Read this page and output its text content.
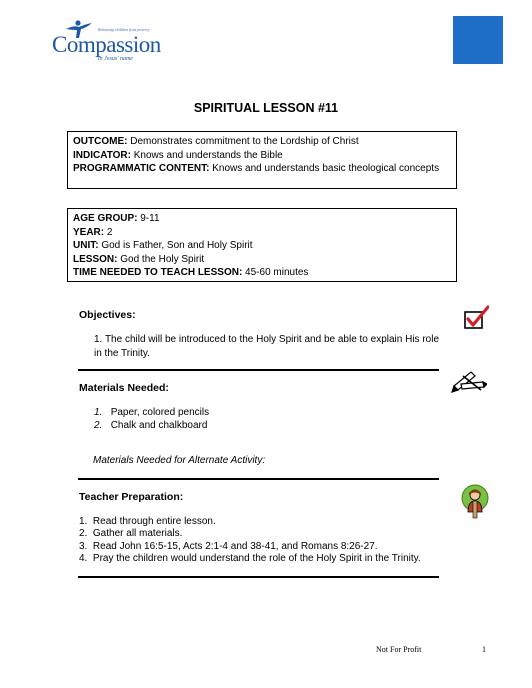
Releasing children from poverty
Compassion
in Jesus' name
SPIRITUAL LESSON #11
OUTCOME: Demonstrates commitment to the Lordship of Christ
INDICATOR: Knows and understands the Bible
PROGRAMMATIC CONTENT: Knows and understands basic theological concepts
AGE GROUP: 9-11
YEAR: 2
UNIT: God is Father, Son and Holy Spirit
LESSON: God the Holy Spirit
TIME NEEDED TO TEACH LESSON: 45-60 minutes
Objectives:
1. The child will be introduced to the Holy Spirit and be able to explain His role in the Trinity.
Materials Needed:
1. Paper, colored pencils
2. Chalk and chalkboard
Materials Needed for Alternate Activity:
Teacher Preparation:
1. Read through entire lesson.
2. Gather all materials.
3. Read John 16:5-15, Acts 2:1-4 and 38-41, and Romans 8:26-27.
4. Pray the children would understand the role of the Holy Spirit in the Trinity.
Not For Profit	1
